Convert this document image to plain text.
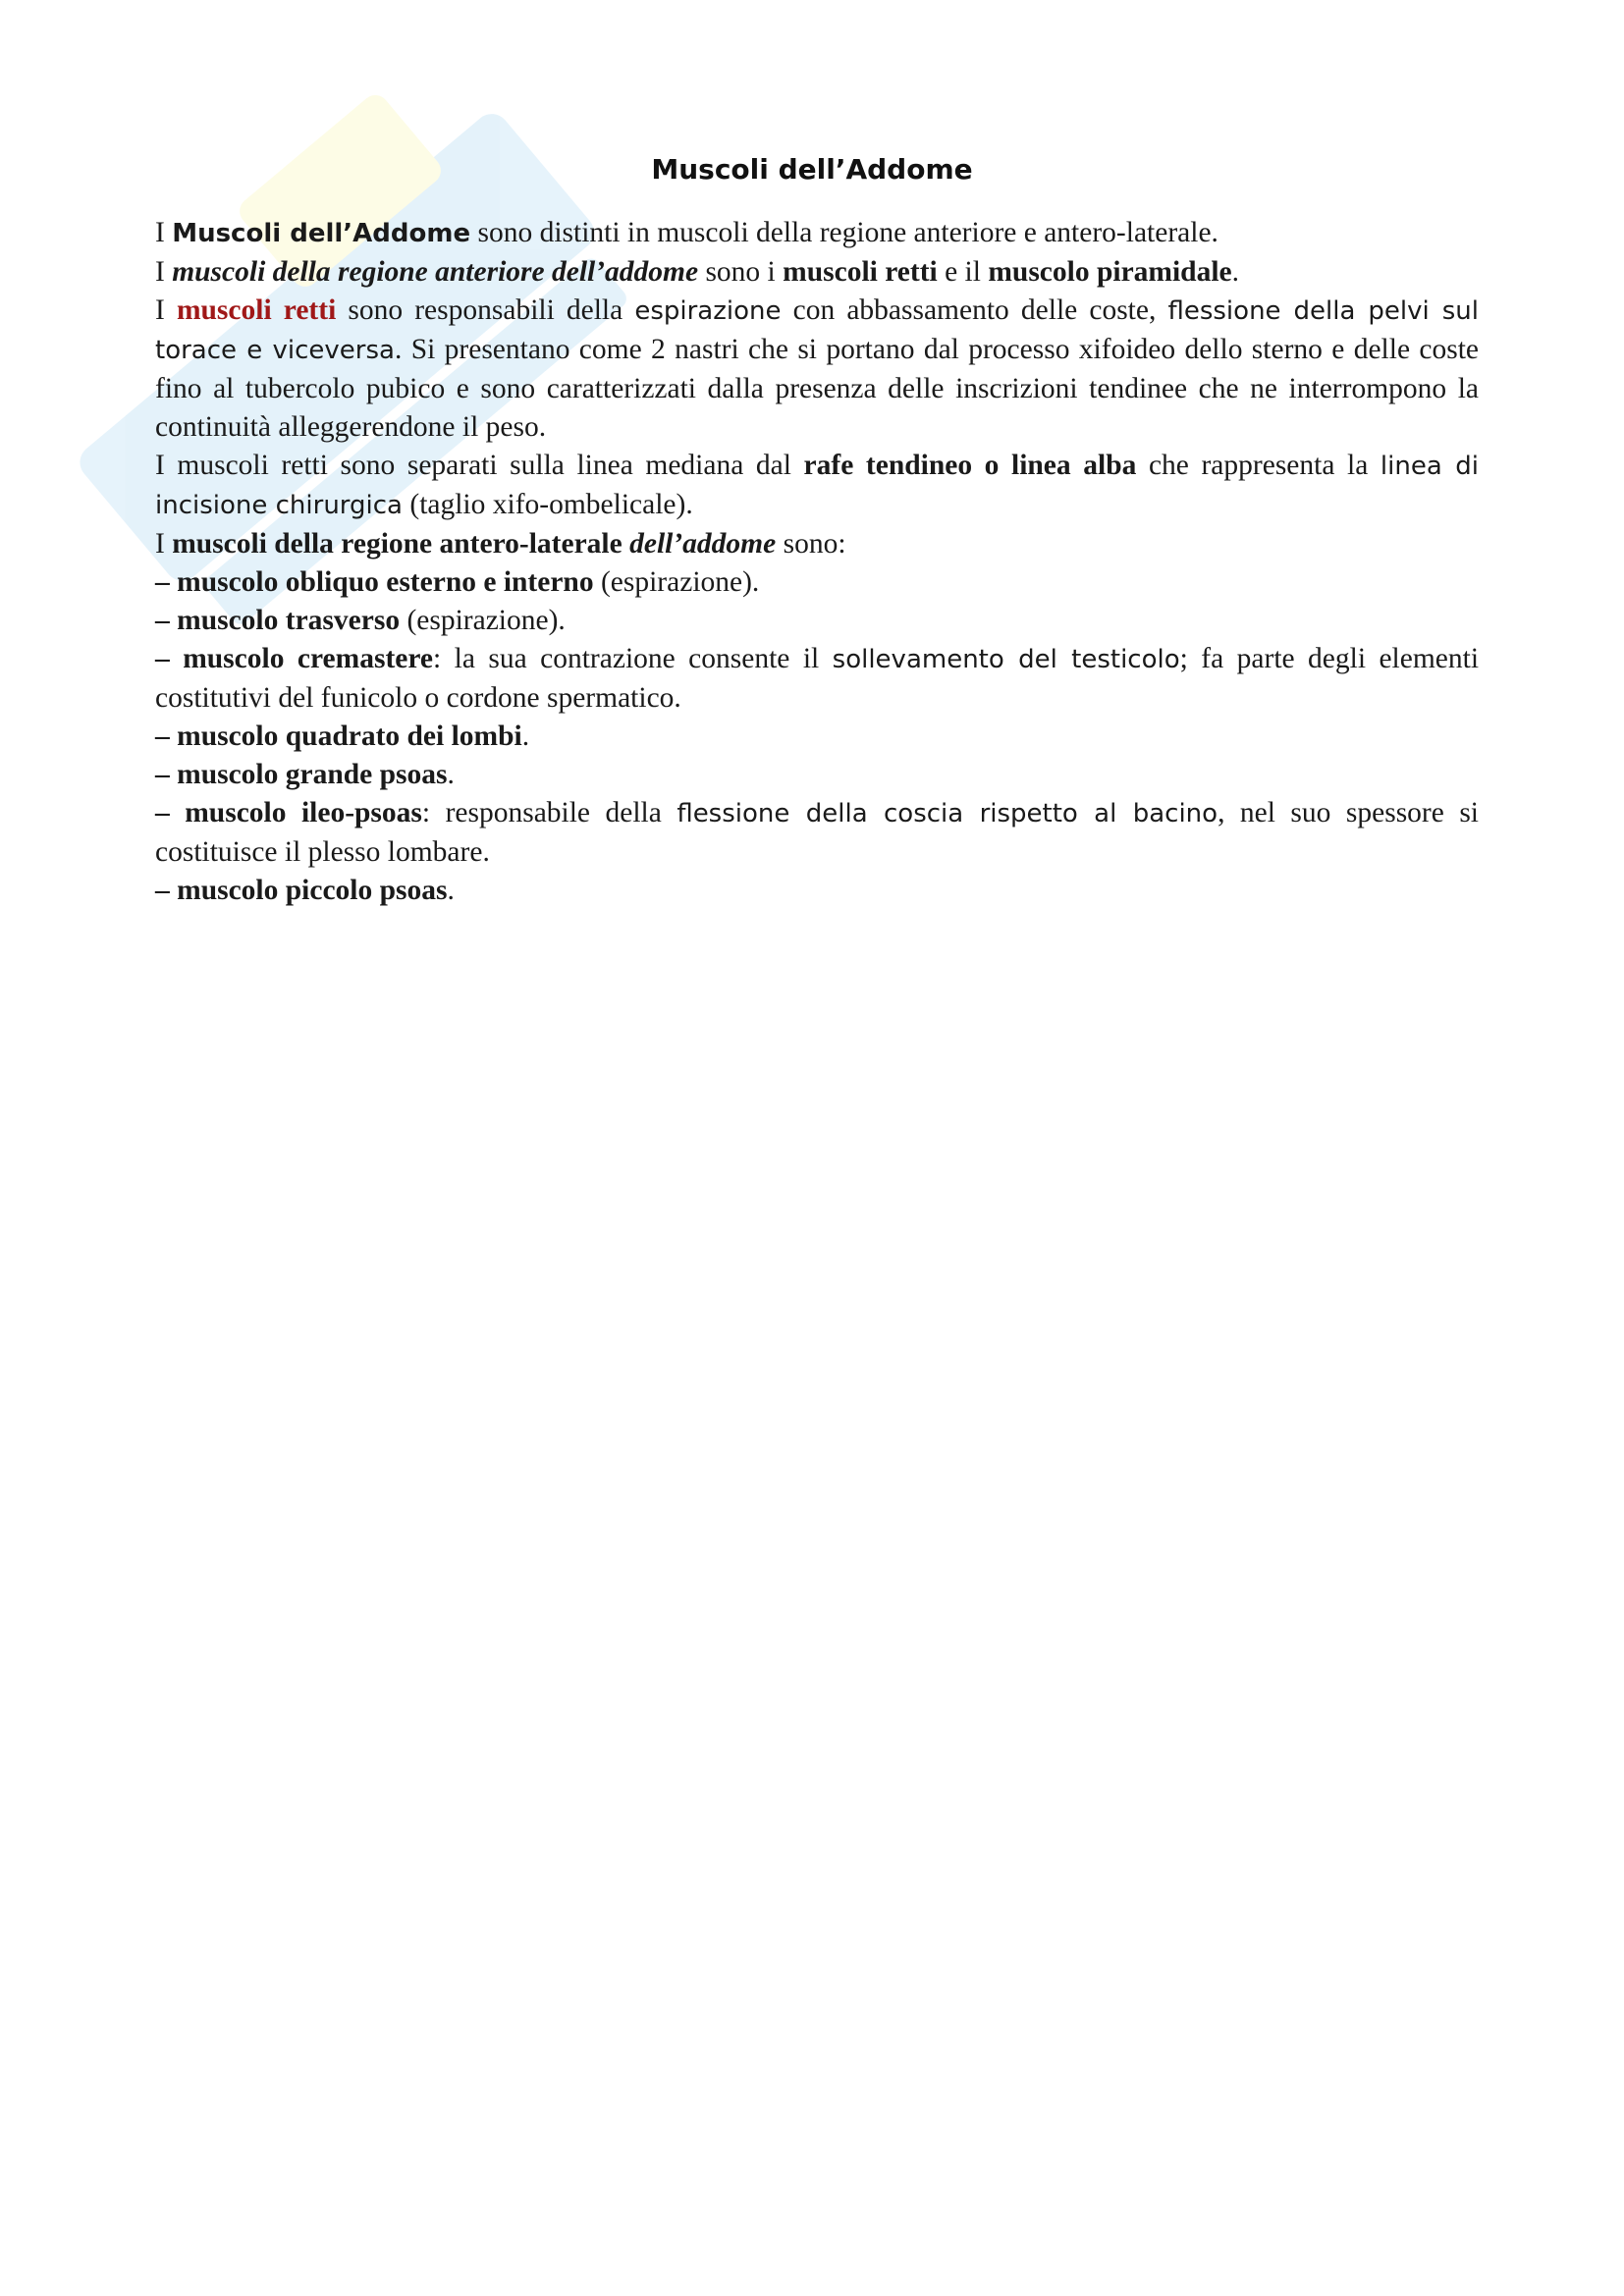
Muscoli dell’Addome

I Muscoli dell’Addome sono distinti in muscoli della regione anteriore e antero-laterale.

I muscoli della regione anteriore dell’addome sono i muscoli retti e il muscolo piramidale.

I muscoli retti sono responsabili della espirazione con abbassamento delle coste, flessione della pelvi sul torace e viceversa. Si presentano come 2 nastri che si portano dal processo xifoideo dello sterno e delle coste fino al tubercolo pubico e sono caratterizzati dalla presenza delle inscrizioni tendinee che ne interrompono la continuità alleggerendone il peso.

I muscoli retti sono separati sulla linea mediana dal rafe tendineo o linea alba che rappresenta la linea di incisione chirurgica (taglio xifo-ombelicale).

I muscoli della regione antero-laterale dell’addome sono:

– muscolo obliquo esterno e interno (espirazione).

– muscolo trasverso (espirazione).

– muscolo cremastere: la sua contrazione consente il sollevamento del testicolo; fa parte degli elementi costitutivi del funicolo o cordone spermatico.

– muscolo quadrato dei lombi.

– muscolo grande psoas.

– muscolo ileo-psoas: responsabile della flessione della coscia rispetto al bacino, nel suo spessore si costituisce il plesso lombare.

– muscolo piccolo psoas.
